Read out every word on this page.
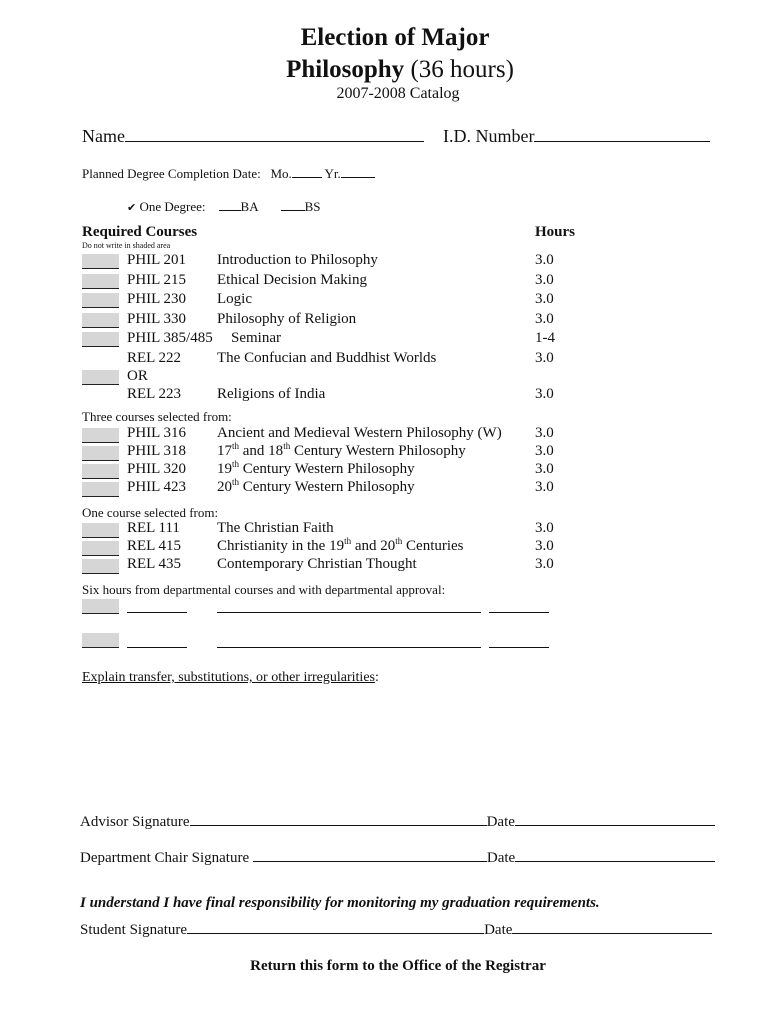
Election of Major
Philosophy (36 hours)
2007-2008 Catalog
Name	I.D. Number
Planned Degree Completion Date: Mo.	Yr.
✔ One Degree:	BA	BS
Required Courses
Do not write in shaded area
Hours
PHIL 201 Introduction to Philosophy	3.0
PHIL 215 Ethical Decision Making	3.0
PHIL 230 Logic	3.0
PHIL 330 Philosophy of Religion	3.0
PHIL 385/485 Seminar	1-4
REL 222 The Confucian and Buddhist Worlds	3.0
OR
REL 223 Religions of India	3.0
Three courses selected from:
PHIL 316 Ancient and Medieval Western Philosophy (W) 3.0
PHIL 318 17th and 18th Century Western Philosophy	3.0
PHIL 320 19th Century Western Philosophy	3.0
PHIL 423 20th Century Western Philosophy	3.0
One course selected from:
REL 111 The Christian Faith	3.0
REL 415 Christianity in the 19th and 20th Centuries	3.0
REL 435 Contemporary Christian Thought	3.0
Six hours from departmental courses and with departmental approval:
Explain transfer, substitutions, or other irregularities:
Advisor Signature	Date
Department Chair Signature	Date
I understand I have final responsibility for monitoring my graduation requirements.
Student Signature	Date
Return this form to the Office of the Registrar
